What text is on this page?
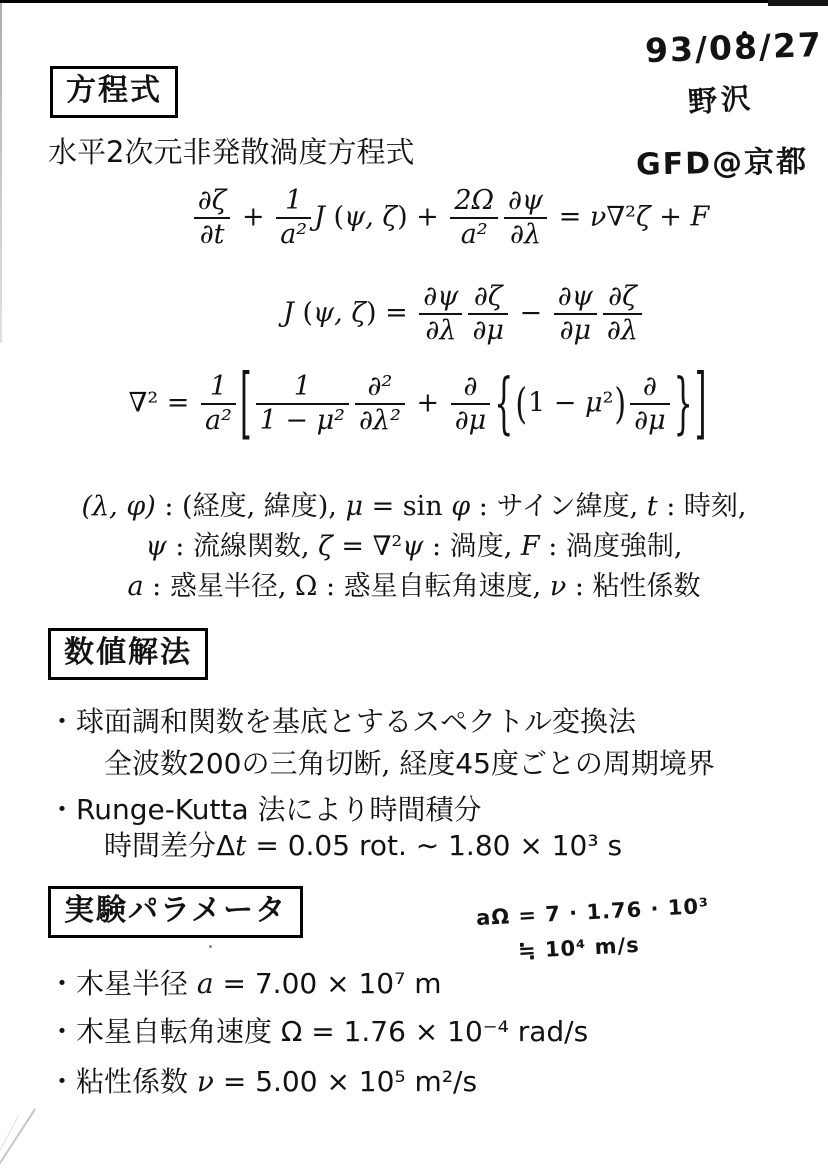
93/08/27
野沢
GFD@京都
方程式
水平2次元非発散渦度方程式
$\frac{\partial\zeta}{\partial t} + \frac{1}{\text{a²}}$ J (ψ, $\zeta) + \frac{2\Omega}{\text{a²}} \frac{\partial\psi}{\partial\lambda} = \nu\nabla^2\zeta + F$
J (ψ, $\zeta) = \frac{\partial\psi}{\partial\lambda} \frac{\partial\zeta}{\partial\mu} - \frac{\partial\psi}{\partial\mu} \frac{\partial\zeta}{\partial\lambda}$
$\nabla^2 = \frac{1}{\text{a²}}$ [ $\frac{1}{\text{1 − μ²}} \frac{\text{∂²}}{\text{∂λ²}} + \frac{\partial}{\partial\mu} \{(1 - \mu^2) \frac{\partial}{\partial\mu}$ }]
(λ, φ) : (経度, 緯度), μ = sin φ : サイン緯度, t : 時刻,
ψ : 流線関数, ζ = ∇²ψ : 渦度, F : 渦度強制,
a : 惑星半径, Ω : 惑星自転角速度, ν : 粘性係数
数値解法
・球面調和関数を基底とするスペクトル変換法
全波数200の三角切断, 経度45度ごとの周期境界
・Runge-Kutta 法により時間積分
時間差分Δt = 0.05 rot. ∼ 1.80 × 10³ s
実験パラメータ	aΩ = 7 · 1.76 · 10³
≒ 10⁴ m/s
・木星半径 a = 7.00 × 10⁷ m
・木星自転角速度 Ω = 1.76 × 10⁻⁴ rad/s
・粘性係数 ν = 5.00 × 10⁵ m²/s
